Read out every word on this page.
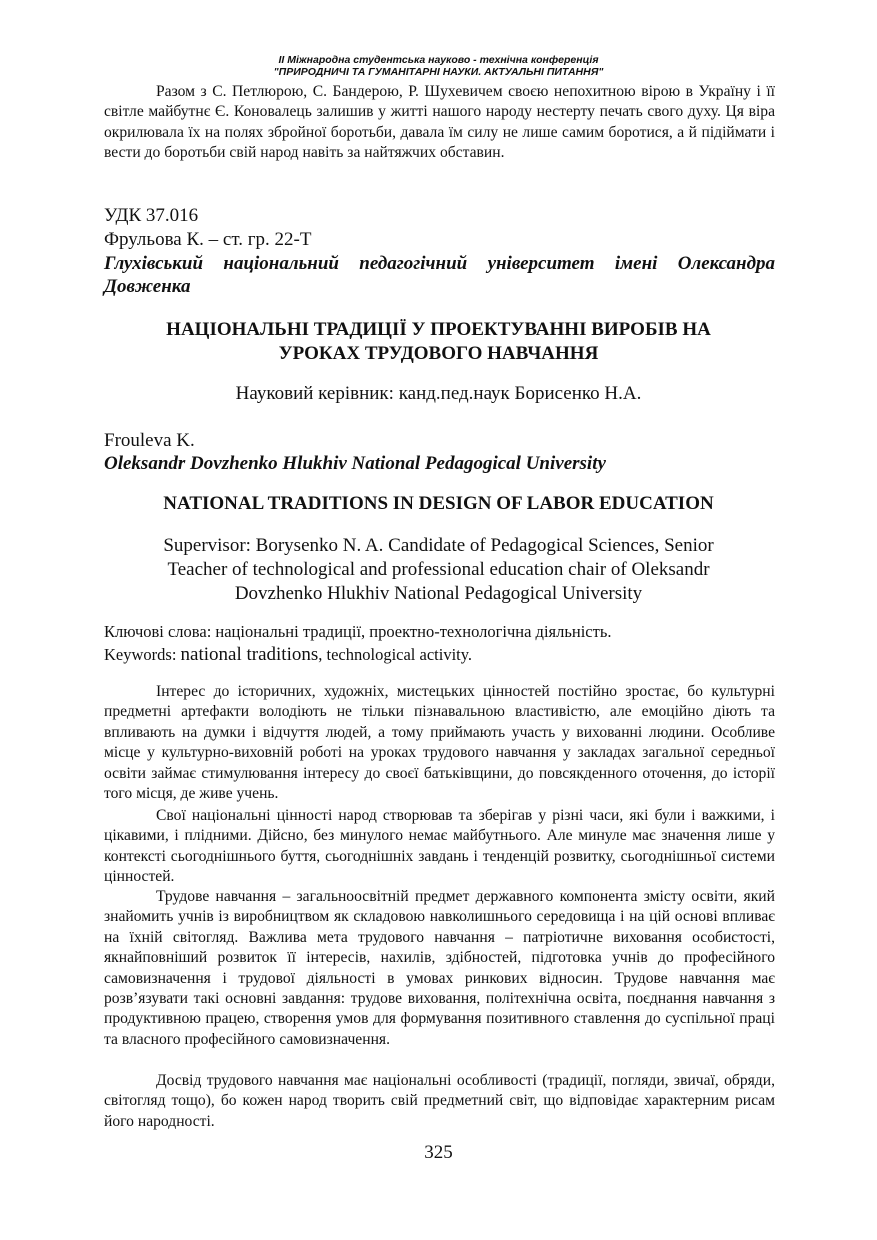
ІІ Міжнародна студентська науково - технічна конференція
"ПРИРОДНИЧІ ТА ГУМАНІТАРНІ НАУКИ. АКТУАЛЬНІ ПИТАННЯ"

Разом з С. Петлюрою, С. Бандерою, Р. Шухевичем своєю непохитною вірою в Україну і її світле майбутнє Є. Коновалець залишив у житті нашого народу нестерту печать свого духу. Ця віра окрилювала їх на полях збройної боротьби, давала їм силу не лише самим боротися, а й підіймати і вести до боротьби свій народ навіть за найтяжчих обставин.

УДК 37.016

Фрульова К. – ст. гр. 22-Т

Глухівський національний педагогічний університет імені Олександра Довженка

НАЦІОНАЛЬНІ ТРАДИЦІЇ У ПРОЕКТУВАННІ ВИРОБІВ НА

УРОКАХ ТРУДОВОГО НАВЧАННЯ

Науковий керівник: канд.пед.наук Борисенко Н.А.

Frouleva K.

Oleksandr Dovzhenko Hlukhiv National Pedagogical University

NATIONAL TRADITIONS IN DESIGN OF LABOR EDUCATION

Supervisor: Borysenko N. A. Candidate of Pedagogical Sciences, Senior

Teacher of technological and professional education chair of Oleksandr

Dovzhenko Hlukhiv National Pedagogical University

Ключові слова: національні традиції, проектно-технологічна діяльність.

Keywords: national traditions, technological activity.

Інтерес до історичних, художніх, мистецьких цінностей постійно зростає, бо культурні предметні артефакти володіють не тільки пізнавальною властивістю, але емоційно діють та впливають на думки і відчуття людей, а тому приймають участь у вихованні людини. Особливе місце у культурно-виховній роботі на уроках трудового навчання у закладах загальної середньої освіти займає стимулювання інтересу до своєї батьківщини, до повсякденного оточення, до історії того місця, де живе учень.

Свої національні цінності народ створював та зберігав у різні часи, які були і важкими, і цікавими, і плідними. Дійсно, без минулого немає майбутнього. Але минуле має значення лише у контексті сьогоднішнього буття, сьогоднішніх завдань і тенденцій розвитку, сьогоднішньої системи цінностей.

Трудове навчання – загальноосвітній предмет державного компонента змісту освіти, який знайомить учнів із виробництвом як складовою навколишнього середовища і на цій основі впливає на їхній світогляд. Важлива мета трудового навчання – патріотичне виховання особистості, якнайповніший розвиток її інтересів, нахилів, здібностей, підготовка учнів до професійного самовизначення і трудової діяльності в умовах ринкових відносин. Трудове навчання має розв’язувати такі основні завдання: трудове виховання, політехнічна освіта, поєднання навчання з продуктивною працею, створення умов для формування позитивного ставлення до суспільної праці та власного професійного самовизначення.

Досвід трудового навчання має національні особливості (традиції, погляди, звичаї, обряди, світогляд тощо), бо кожен народ творить свій предметний світ, що відповідає характерним рисам його народності.

325
